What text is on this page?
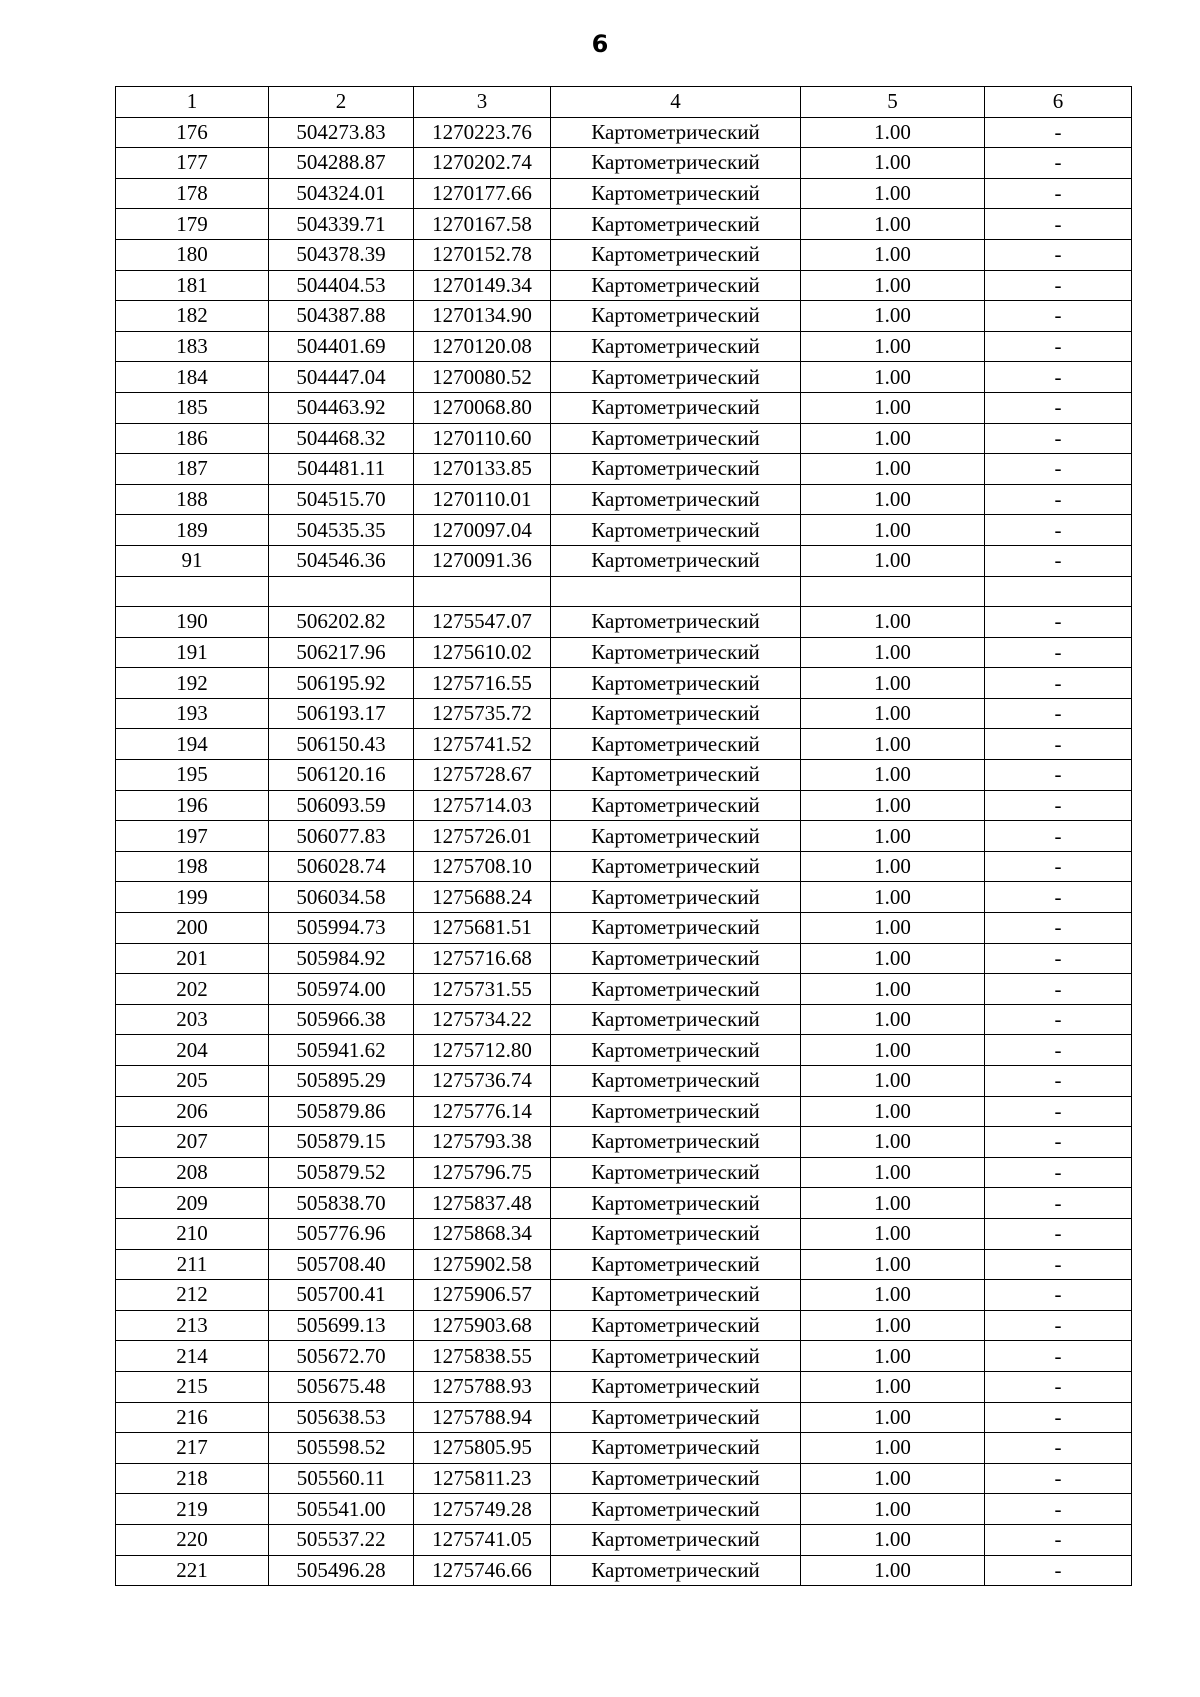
6
1	2	3	4	5	6
176	504273.83	1270223.76	Картометрический	1.00	-
177	504288.87	1270202.74	Картометрический	1.00	-
178	504324.01	1270177.66	Картометрический	1.00	-
179	504339.71	1270167.58	Картометрический	1.00	-
180	504378.39	1270152.78	Картометрический	1.00	-
181	504404.53	1270149.34	Картометрический	1.00	-
182	504387.88	1270134.90	Картометрический	1.00	-
183	504401.69	1270120.08	Картометрический	1.00	-
184	504447.04	1270080.52	Картометрический	1.00	-
185	504463.92	1270068.80	Картометрический	1.00	-
186	504468.32	1270110.60	Картометрический	1.00	-
187	504481.11	1270133.85	Картометрический	1.00	-
188	504515.70	1270110.01	Картометрический	1.00	-
189	504535.35	1270097.04	Картометрический	1.00	-
91	504546.36	1270091.36	Картометрический	1.00	-

190	506202.82	1275547.07	Картометрический	1.00	-
191	506217.96	1275610.02	Картометрический	1.00	-
192	506195.92	1275716.55	Картометрический	1.00	-
193	506193.17	1275735.72	Картометрический	1.00	-
194	506150.43	1275741.52	Картометрический	1.00	-
195	506120.16	1275728.67	Картометрический	1.00	-
196	506093.59	1275714.03	Картометрический	1.00	-
197	506077.83	1275726.01	Картометрический	1.00	-
198	506028.74	1275708.10	Картометрический	1.00	-
199	506034.58	1275688.24	Картометрический	1.00	-
200	505994.73	1275681.51	Картометрический	1.00	-
201	505984.92	1275716.68	Картометрический	1.00	-
202	505974.00	1275731.55	Картометрический	1.00	-
203	505966.38	1275734.22	Картометрический	1.00	-
204	505941.62	1275712.80	Картометрический	1.00	-
205	505895.29	1275736.74	Картометрический	1.00	-
206	505879.86	1275776.14	Картометрический	1.00	-
207	505879.15	1275793.38	Картометрический	1.00	-
208	505879.52	1275796.75	Картометрический	1.00	-
209	505838.70	1275837.48	Картометрический	1.00	-
210	505776.96	1275868.34	Картометрический	1.00	-
211	505708.40	1275902.58	Картометрический	1.00	-
212	505700.41	1275906.57	Картометрический	1.00	-
213	505699.13	1275903.68	Картометрический	1.00	-
214	505672.70	1275838.55	Картометрический	1.00	-
215	505675.48	1275788.93	Картометрический	1.00	-
216	505638.53	1275788.94	Картометрический	1.00	-
217	505598.52	1275805.95	Картометрический	1.00	-
218	505560.11	1275811.23	Картометрический	1.00	-
219	505541.00	1275749.28	Картометрический	1.00	-
220	505537.22	1275741.05	Картометрический	1.00	-
221	505496.28	1275746.66	Картометрический	1.00	-
